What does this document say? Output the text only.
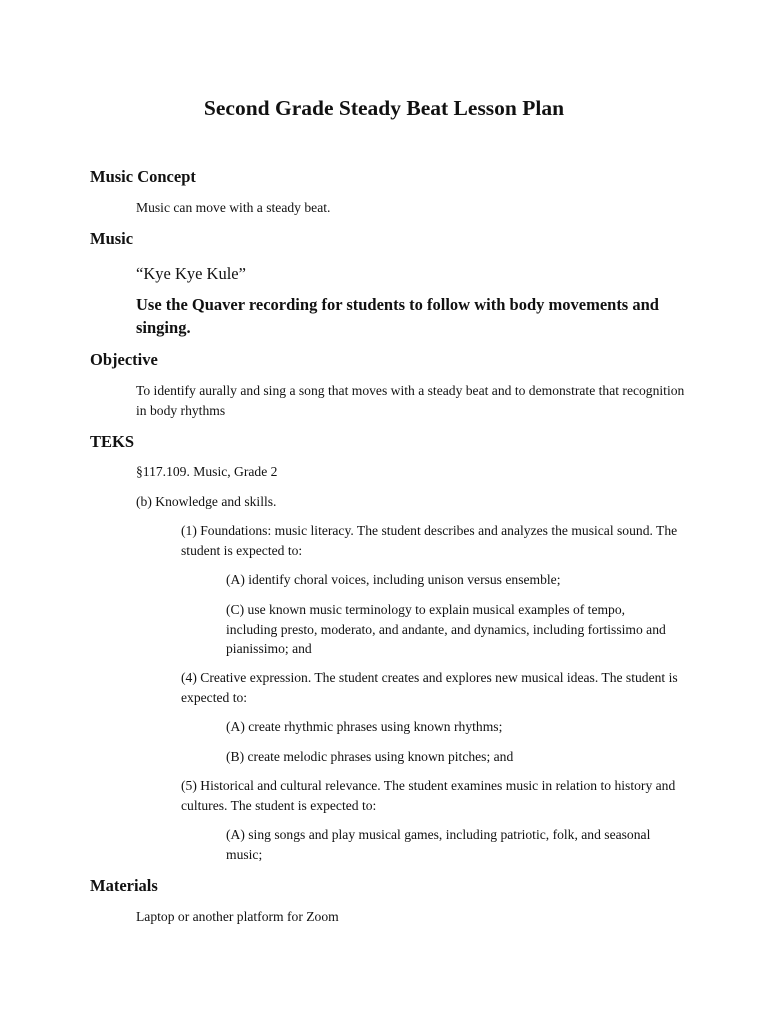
Second Grade Steady Beat Lesson Plan
Music Concept
Music can move with a steady beat.
Music
“Kye Kye Kule”
Use the Quaver recording for students to follow with body movements and singing.
Objective
To identify aurally and sing a song that moves with a steady beat and to demonstrate that recognition in body rhythms
TEKS
§117.109. Music, Grade 2
(b) Knowledge and skills.
(1) Foundations: music literacy. The student describes and analyzes the musical sound. The student is expected to:
(A) identify choral voices, including unison versus ensemble;
(C) use known music terminology to explain musical examples of tempo, including presto, moderato, and andante, and dynamics, including fortissimo and pianissimo; and
(4) Creative expression. The student creates and explores new musical ideas. The student is expected to:
(A) create rhythmic phrases using known rhythms;
(B) create melodic phrases using known pitches; and
(5) Historical and cultural relevance. The student examines music in relation to history and cultures. The student is expected to:
(A) sing songs and play musical games, including patriotic, folk, and seasonal music;
Materials
Laptop or another platform for Zoom
